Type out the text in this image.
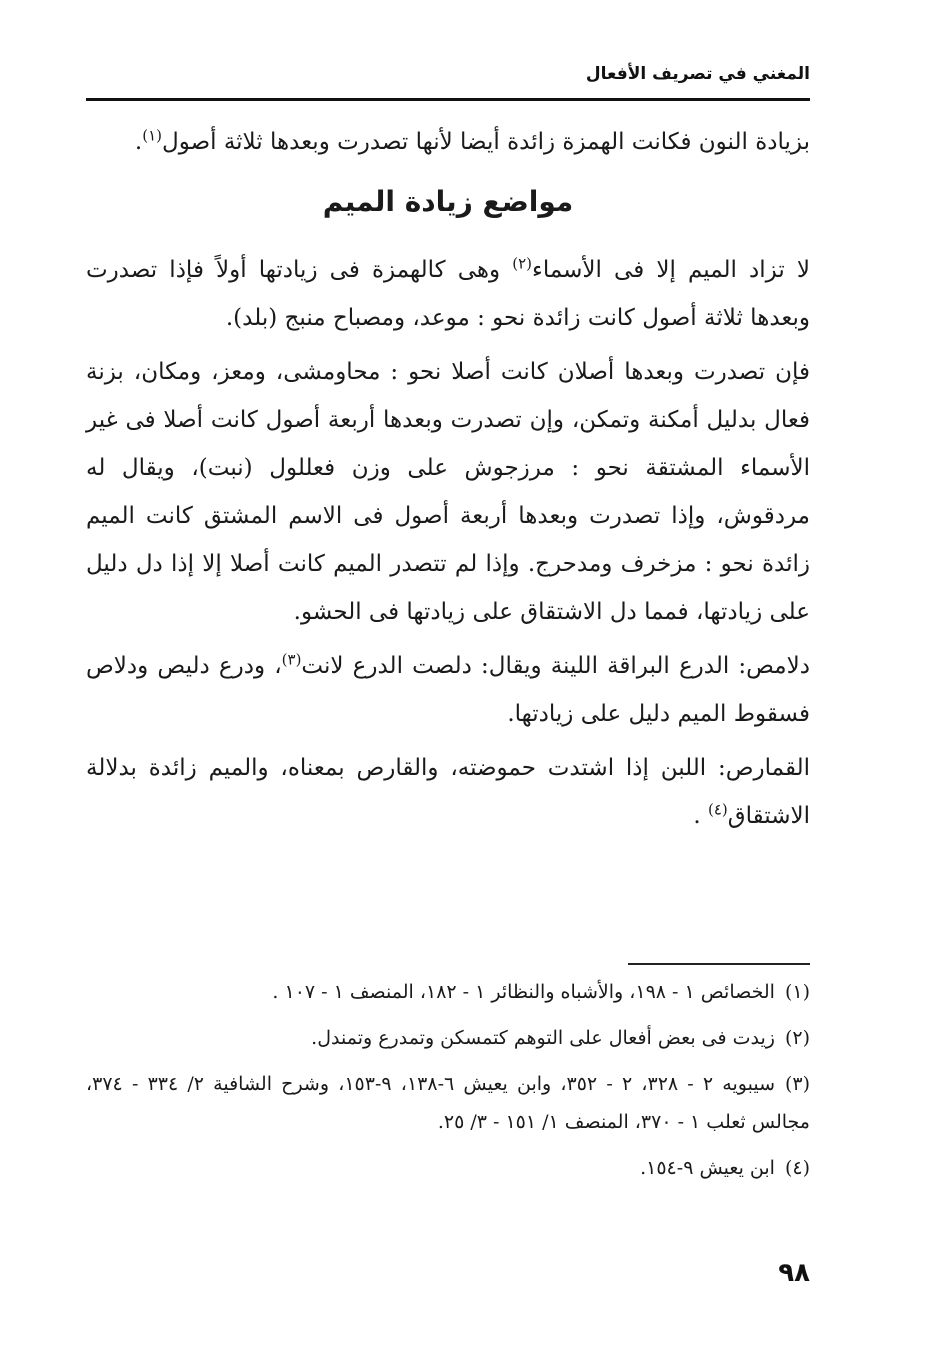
المغني في تصريف الأفعال

بزيادة النون فكانت الهمزة زائدة أيضا لأنها تصدرت وبعدها ثلاثة أصول$^{(١)}$.

مواضع زيادة الميم

لا تزاد الميم إلا فى الأسماء$^{(٢)}$ وهى كالهمزة فى زيادتها أولاً فإذا تصدرت وبعدها ثلاثة أصول كانت زائدة نحو : موعد، ومصباح منبج (بلد).

فإن تصدرت وبعدها أصلان كانت أصلا نحو : محاومشى، ومعز، ومكان، بزنة فعال بدليل أمكنة وتمكن، وإن تصدرت وبعدها أربعة أصول كانت أصلا فى غير الأسماء المشتقة نحو : مرزجوش على وزن فعللول (نبت)، ويقال له مردقوش، وإذا تصدرت وبعدها أربعة أصول فى الاسم المشتق كانت الميم زائدة نحو : مزخرف ومدحرج. وإذا لم تتصدر الميم كانت أصلا إلا إذا دل دليل على زيادتها، فمما دل الاشتقاق على زيادتها فى الحشو.

دلامص: الدرع البراقة اللينة ويقال: دلصت الدرع لانت$^{(٣)}$، ودرع دليص ودلاص فسقوط الميم دليل على زيادتها.

القمارص: اللبن إذا اشتدت حموضته، والقارص بمعناه، والميم زائدة بدلالة الاشتقاق$^{(٤)}$ .

(١)الخصائص ١ - ١٩٨، والأشباه والنظائر ١ - ١٨٢، المنصف ١ - ١٠٧ .

(٢)زيدت فى بعض أفعال على التوهم كتمسكن وتمدرع وتمندل.

(٣)سيبويه ٢ - ٣٢٨، ٢ - ٣٥٢، وابن يعيش ٦-١٣٨، ٩-١٥٣، وشرح الشافية ٢/ ٣٣٤ - ٣٧٤، مجالس ثعلب ١ - ٣٧٠، المنصف ١/ ١٥١ - ٣/ ٢٥.

(٤)ابن يعيش ٩-١٥٤.

٩٨
